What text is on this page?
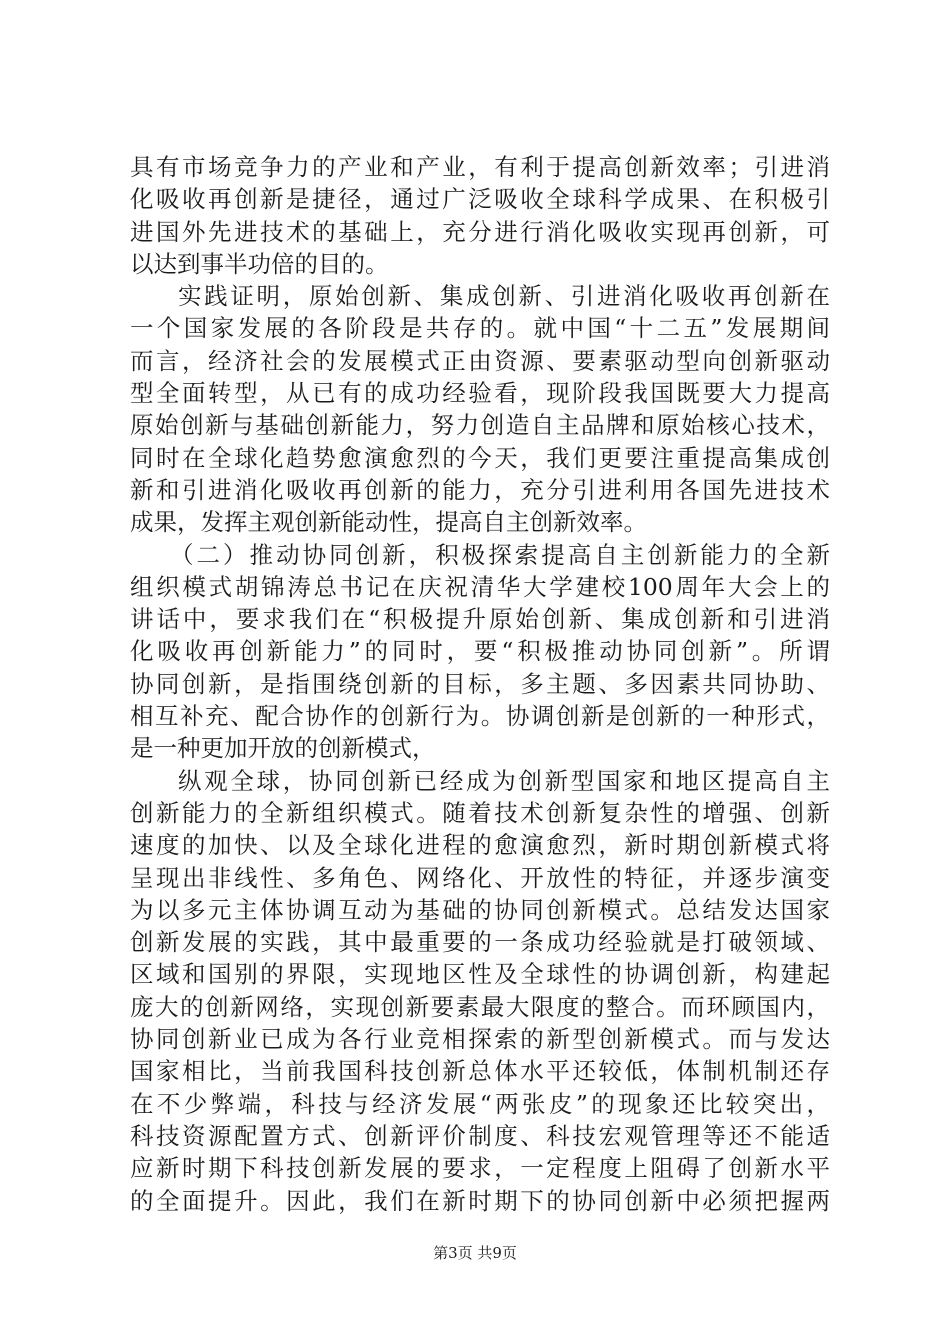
具有市场竞争力的产业和产业，有利于提高创新效率；引进消
化吸收再创新是捷径，通过广泛吸收全球科学成果、在积极引
进国外先进技术的基础上，充分进行消化吸收实现再创新，可
以达到事半功倍的目的。
实践证明，原始创新、集成创新、引进消化吸收再创新在
一个国家发展的各阶段是共存的。就中国“十二五”发展期间
而言，经济社会的发展模式正由资源、要素驱动型向创新驱动
型全面转型，从已有的成功经验看，现阶段我国既要大力提高
原始创新与基础创新能力，努力创造自主品牌和原始核心技术，
同时在全球化趋势愈演愈烈的今天，我们更要注重提高集成创
新和引进消化吸收再创新的能力，充分引进利用各国先进技术
成果，发挥主观创新能动性，提高自主创新效率。
（二）推动协同创新，积极探索提高自主创新能力的全新
组织模式胡锦涛总书记在庆祝清华大学建校100周年大会上的
讲话中，要求我们在“积极提升原始创新、集成创新和引进消
化吸收再创新能力”的同时，要“积极推动协同创新”。所谓
协同创新，是指围绕创新的目标，多主题、多因素共同协助、
相互补充、配合协作的创新行为。协调创新是创新的一种形式，
是一种更加开放的创新模式，
纵观全球，协同创新已经成为创新型国家和地区提高自主
创新能力的全新组织模式。随着技术创新复杂性的增强、创新
速度的加快、以及全球化进程的愈演愈烈，新时期创新模式将
呈现出非线性、多角色、网络化、开放性的特征，并逐步演变
为以多元主体协调互动为基础的协同创新模式。总结发达国家
创新发展的实践，其中最重要的一条成功经验就是打破领域、
区域和国别的界限，实现地区性及全球性的协调创新，构建起
庞大的创新网络，实现创新要素最大限度的整合。而环顾国内，
协同创新业已成为各行业竞相探索的新型创新模式。而与发达
国家相比，当前我国科技创新总体水平还较低，体制机制还存
在不少弊端，科技与经济发展“两张皮”的现象还比较突出，
科技资源配置方式、创新评价制度、科技宏观管理等还不能适
应新时期下科技创新发展的要求，一定程度上阻碍了创新水平
的全面提升。因此，我们在新时期下的协同创新中必须把握两
第3页 共9页
